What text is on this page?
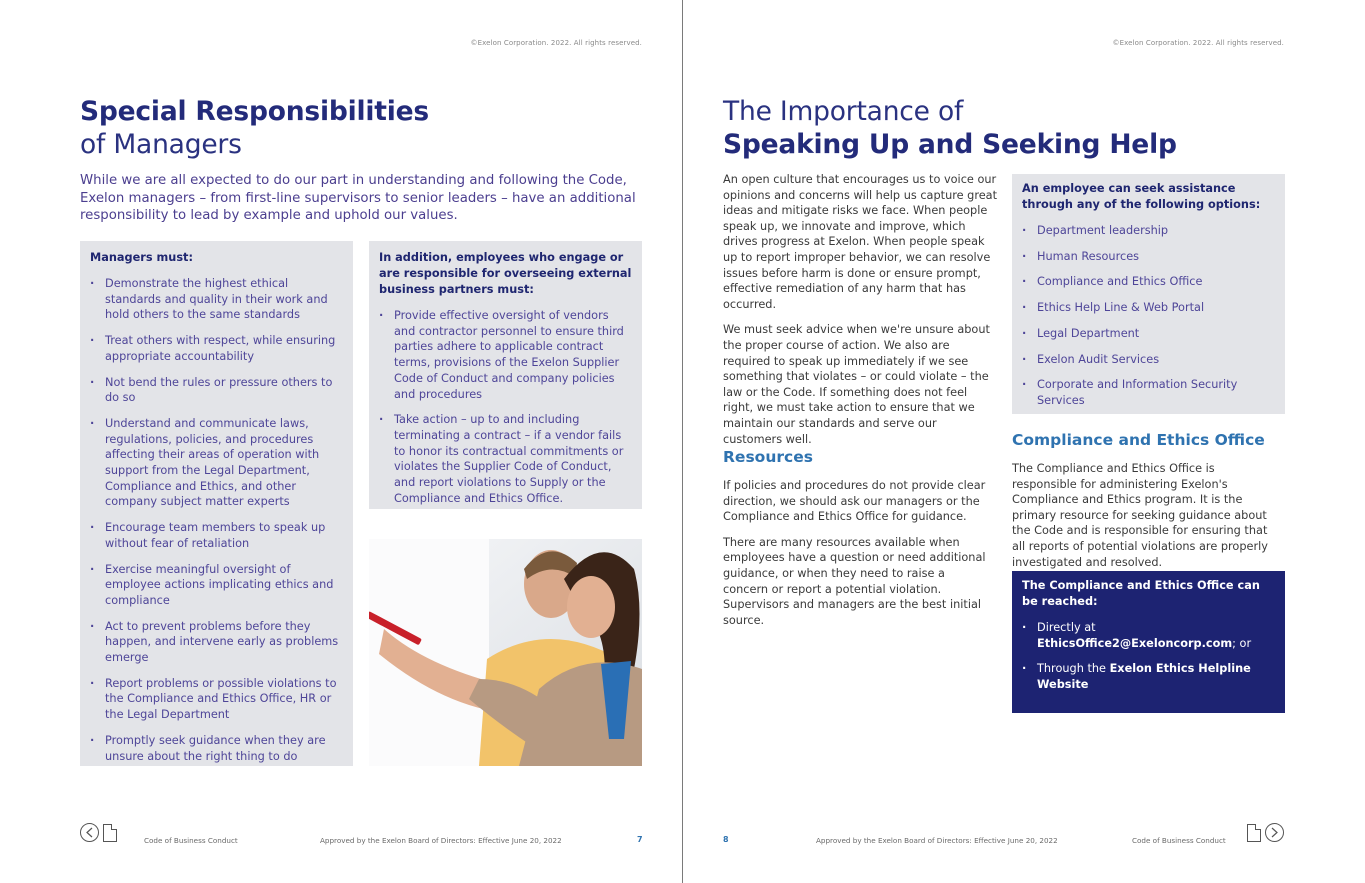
©Exelon Corporation. 2022. All rights reserved.
Special Responsibilities
of Managers
While we are all expected to do our part in understanding and following the Code, Exelon managers – from first-line supervisors to senior leaders – have an additional responsibility to lead by example and uphold our values.
Managers must:
· Demonstrate the highest ethical standards and quality in their work and hold others to the same standards
· Treat others with respect, while ensuring appropriate accountability
· Not bend the rules or pressure others to do so
· Understand and communicate laws, regulations, policies, and procedures affecting their areas of operation with support from the Legal Department, Compliance and Ethics, and other company subject matter experts
· Encourage team members to speak up without fear of retaliation
· Exercise meaningful oversight of employee actions implicating ethics and compliance
· Act to prevent problems before they happen, and intervene early as problems emerge
· Report problems or possible violations to the Compliance and Ethics Office, HR or the Legal Department
· Promptly seek guidance when they are unsure about the right thing to do
In addition, employees who engage or are responsible for overseeing external business partners must:
· Provide effective oversight of vendors and contractor personnel to ensure third parties adhere to applicable contract terms, provisions of the Exelon Supplier Code of Conduct and company policies and procedures
· Take action – up to and including terminating a contract – if a vendor fails to honor its contractual commitments or violates the Supplier Code of Conduct, and report violations to Supply or the Compliance and Ethics Office.
Code of Business Conduct	Approved by the Exelon Board of Directors: Effective June 20, 2022	7
©Exelon Corporation. 2022. All rights reserved.
The Importance of
Speaking Up and Seeking Help

An open culture that encourages us to voice our opinions and concerns will help us capture great ideas and mitigate risks we face. When people speak up, we innovate and improve, which drives progress at Exelon. When people speak up to report improper behavior, we can resolve issues before harm is done or ensure prompt, effective remediation of any harm that has occurred.

We must seek advice when we're unsure about the proper course of action. We also are required to speak up immediately if we see something that violates – or could violate – the law or the Code. If something does not feel right, we must take action to ensure that we maintain our standards and serve our customers well.

Resources

If policies and procedures do not provide clear direction, we should ask our managers or the Compliance and Ethics Office for guidance.

There are many resources available when employees have a question or need additional guidance, or when they need to raise a concern or report a potential violation. Supervisors and managers are the best initial source.

An employee can seek assistance through any of the following options:
· Department leadership
· Human Resources
· Compliance and Ethics Office
· Ethics Help Line & Web Portal
· Legal Department
· Exelon Audit Services
· Corporate and Information Security Services
Compliance and Ethics Office

The Compliance and Ethics Office is responsible for administering Exelon's Compliance and Ethics program. It is the primary resource for seeking guidance about the Code and is responsible for ensuring that all reports of potential violations are properly investigated and resolved.

The Compliance and Ethics Office can be reached:
· Directly at EthicsOffice2@Exeloncorp.com; or
· Through the Exelon Ethics Helpline Website
8	Approved by the Exelon Board of Directors: Effective June 20, 2022	Code of Business Conduct
